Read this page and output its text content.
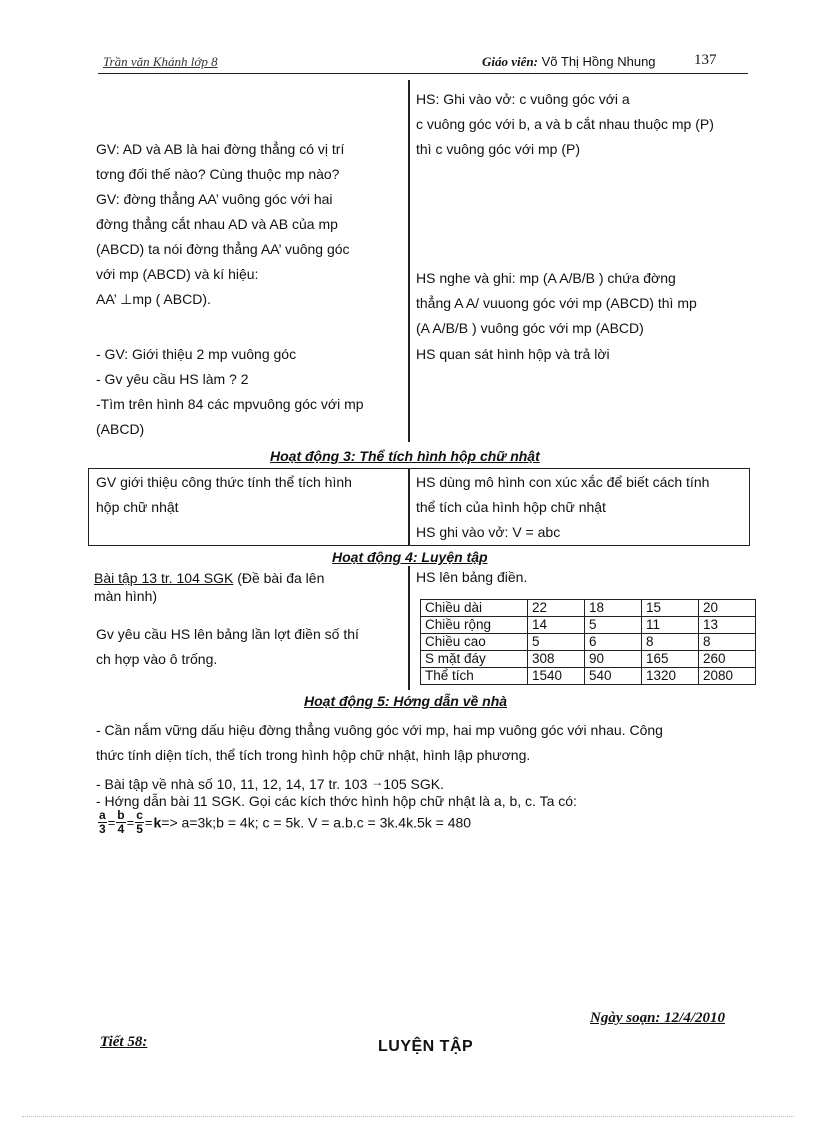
Trần văn Khánh lớp 8	Giáo viên: Võ Thị Hồng Nhung	137
HS: Ghi vào vở: c vuông góc với a
c vuông góc với b, a và b cắt nhau thuộc mp (P)
thì c vuông góc với mp (P)
GV: AD và AB là hai đờng thẳng có vị trí
tơng đối thế nào? Cùng thuộc mp nào?
GV: đờng thẳng AA’ vuông góc với hai
đờng thẳng cắt nhau AD và AB của mp
(ABCD) ta nói đờng thẳng AA’ vuông góc
với mp (ABCD) và kí hiệu:
AA’ ⊥mp ( ABCD).
HS nghe và ghi: mp (A A/B/B ) chứa đờng
thẳng A A/ vuuong góc với mp (ABCD) thì mp
(A A/B/B ) vuông góc với mp (ABCD)
- GV: Giới thiệu 2 mp vuông góc
- Gv yêu cầu HS làm ? 2
-Tìm trên hình 84 các mpvuông góc với mp
(ABCD)
HS quan sát hình hộp và trả lời
Hoạt động 3: Thể tích hình hộp chữ nhật
GV giới thiệu công thức tính thể tích hình
hộp chữ nhật
HS dùng mô hình con xúc xắc để biết cách tính
thể tích của hình hộp chữ nhật
HS ghi vào vở: V = abc
Hoạt động 4: Luyện tập
Bài tập 13 tr. 104 SGK (Đề bài đa lên
màn hình)
HS lên bảng điền.
Gv yêu cầu HS lên bảng lần lợt điền số thí
ch hợp vào ô trống.
Chiều dài	22	18	15	20
Chiều rộng	14	5	11	13
Chiều cao	5	6	8	8
S mặt đáy	308	90	165	260
Thể tích	1540	540	1320	2080
Hoạt động 5: Hớng dẫn về nhà
- Cần nắm vững dấu hiệu đờng thẳng vuông góc với mp, hai mp vuông góc với nhau. Công
thức tính diện tích, thể tích trong hình hộp chữ nhật, hình lập phương.
- Bài tập về nhà số 10, 11, 12, 14, 17 tr. 103 →105 SGK.
- Hớng dẫn bài 11 SGK. Gọi các kích thớc hình hộp chữ nhật là a, b, c. Ta có:
$\frac{a}{3} = \frac{b}{4} = \frac{c}{5} =k=>$ a=3k;b = 4k; c = 5k. V = a.b.c = 3k.4k.5k = 480
Ngày soạn: 12/4/2010
Tiết 58:	LUYỆN TẬP
